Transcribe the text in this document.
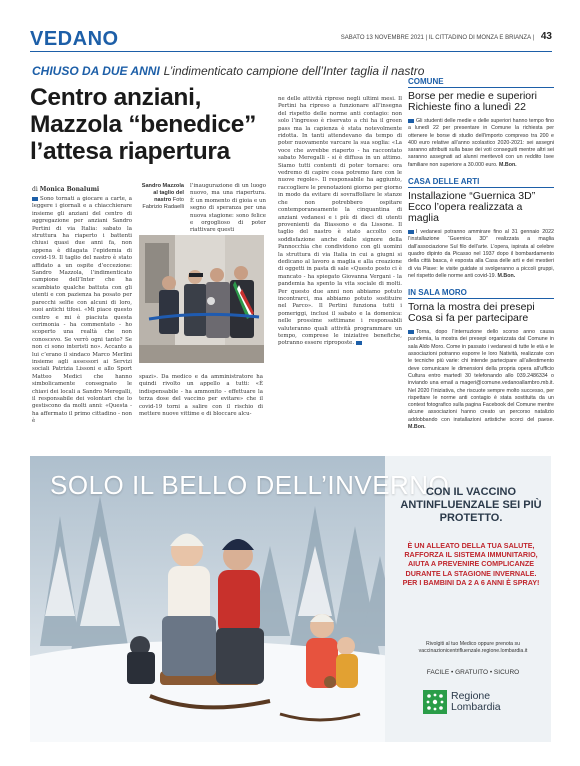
VEDANO	SABATO 13 NOVEMBRE 2021 | IL CITTADINO DI MONZA E BRIANZA | 43
CHIUSO DA DUE ANNI L’indimenticato campione dell’Inter taglia il nastro
Centro anziani, Mazzola “benedice” l’attesa riapertura
di Monica Bonalumi

Sono tornati a giocare a carte, a leggere i giornali e a chiacchierare insieme gli anziani del centro di aggregazione per anziani Sandro Pertini di via Italia: sabato la struttura ha riaperto i battenti chiusi quasi due anni fa, non appena è dilagata l’epidemia di covid-19. Il taglio del nastro è stato affidato a un ospite d’eccezione: Sandro Mazzola, l’indimenticato campione dell’Inter che ha scambiato qualche battuta con gli utenti e con pazienza ha posato per parecchi selfie con alcuni di loro, suoi antichi tifosi. «Mi piace questo centro e mi è piaciuta questa cerimonia - ha commentato - ho scoperto una realtà che non conoscevo. Se verrò ogni tanto? Se non ci sono interisti no». Accanto a lui c’erano il sindaco Marco Merlini insieme agli assessori ai Servizi sociali Patrizia Lissoni e allo Sport Matteo Medici che hanno simbolicamente consegnato le chiavi dei locali a Sandro Meregalli, il responsabile dei volontari che lo gestiscono da molti anni: «Questa - ha affermato il primo cittadino - non è

Sandro Mazzola al taglio del nastro Foto Fabrizio Radaelli

l’inaugurazione di un luogo nuovo, ma una riapertura. È un momento di gioia e un segno di speranza per una nuova stagione: sono felice e orgoglioso di poter riattivare questi

spazi». Da medico e da amministratore ha quindi rivolto un appello a tutti: «È indispensabile - ha ammonito - effettuare la terza dose del vaccino per evitare» che il covid-19 torni a salire con il rischio di mettere nuove vittime e di bloccare alcu-

ne delle attività riprese negli ultimi mesi. Il Pertini ha ripreso a funzionare all’insegna del rispetto delle norme anti contagio: non solo l’ingresso è riservato a chi ha il green pass ma la capienza è stata notevolmente ridotta. In tanti attendevano da tempo di poter nuovamente varcare la sua soglia: «La voce che avrebbe riaperto - ha raccontato sabato Meregalli - si è diffusa in un attimo. Siamo tutti contenti di poter tornare: ora vedremo di capire cosa potremo fare con le nuove regole». Il responsabile ha aggiunto, raccogliere le prenotazioni giorno per giorno in modo da evitare di sovraffollare le stanze che non potrebbero ospitare contemporaneamente la cinquantina di anziani vedanesi e i più di dieci di utenti provenienti da Biassono e da Lissone. Il taglio del nastro è stato accolto con soddisfazione anche dalle signore della Pannocchia che condividono con gli uomini la struttura di via Italia in cui a giugni si dedicano al lavoro a maglia e alla creazione di oggetti in pasta di sale «Questo posto ci è mancato - ha spiegato Giovanna Vergani - la pandemia ha spento la vita sociale di molti. Per questo due anni non abbiamo potuto incontrarci, ma abbiamo potuto sostituire nel Parco». Il Pertini funziona tutti i pomeriggi, inclusi il sabato e la domenica: nelle prossime settimane i responsabili valuteranno quali attività programmare un tempo, comprese le iniziative benefiche, potranno essere riproposte.

COMUNE
Borse per medie e superiori Richieste fino a lunedì 22
Gli studenti delle medie e delle superiori hanno tempo fino a lunedì 22 per presentare in Comune la richiesta per ottenere le borse di studio dell’importo compreso tra 200 e 400 euro relative all’anno scolastico 2020-2021: sei assegni saranno attribuiti sulla base dei voti conseguiti mentre altri sei saranno assegnati ad alunni meritevoli con un reddito Isee familiare non superiore a 30.000 euro. M.Bon.
CASA DELLE ARTI
Installazione “Guernica 3D” Ecco l’opera realizzata a maglia
I vedanesi potranno ammirare fino al 31 gennaio 2022 l’installazione “Guernica 3D” realizzata a maglia dall’associazione Sul filo dell’arte. L’opera, ispirata al celebre quadro dipinto da Picasso nel 1937 dopo il bombardamento della città basca, è esposta alla Casa delle arti e dei mestieri di via Piave: le visite guidate si svolgeranno a piccoli gruppi, nel rispetto delle norme anti covid-19. M.Bon.
IN SALA MORO
Torna la mostra dei presepi Cosa si fa per partecipare
Torna, dopo l’interruzione dello scorso anno causa pandemia, la mostra dei presepi organizzata dal Comune in sala Aldo Moro. Come in passato i vedanesi di tutte le età e le associazioni potranno esporre le loro Natività, realizzate con le tecniche più varie: chi intende partecipare all’allestimento deve comunicare le dimensioni della propria opera all’ufficio Cultura entro martedì 30 telefonando allo 039.2486334 o inviando una email a mageri@comune.vedanoallambro.mb.it. Nel 2020 l’iniziativa, che riscuote sempre molto successo, per rispettare le norme anti contagio è stata sostituita da un contest fotografico sulla pagina Facebook del Comune mentre alcune associazioni hanno creato un percorso natalizio addobbando con installazioni artistiche scorci del paese. M.Bon.
SOLO IL BELLO DELL’INVERNO
CON IL VACCINO ANTINFLUENZALE SEI PIÙ PROTETTO.
È UN ALLEATO DELLA TUA SALUTE, RAFFORZA IL SISTEMA IMMUNITARIO, AIUTA A PREVENIRE COMPLICANZE DURANTE LA STAGIONE INVERNALE. PER I BAMBINI DA 2 A 6 ANNI È SPRAY!
Rivolgiti al tuo Medico oppure prenota su vaccinazionicentrifluenzale.regione.lombardia.it
FACILE • GRATUITO • SICURO
Regione
Lombardia
